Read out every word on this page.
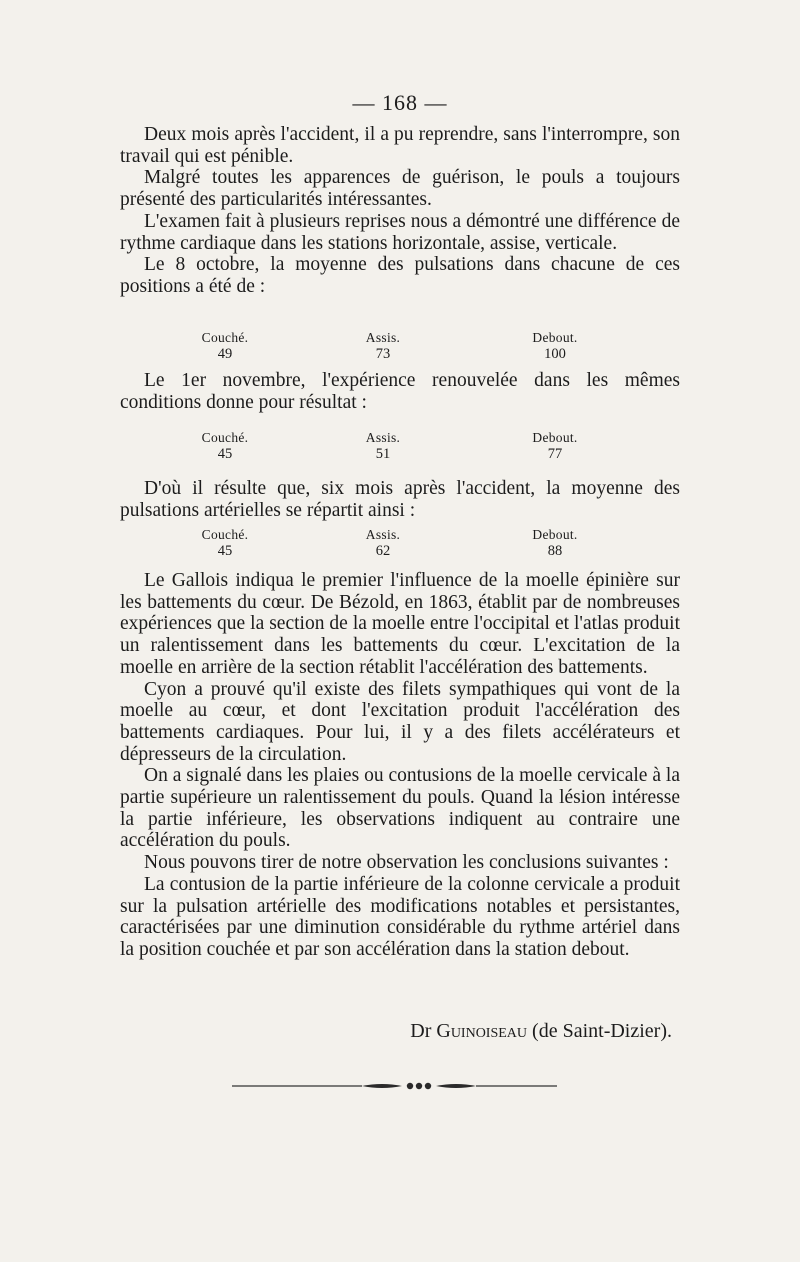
— 168 —

Deux mois après l'accident, il a pu reprendre, sans l'interrompre, son travail qui est pénible.

Malgré toutes les apparences de guérison, le pouls a toujours présenté des particularités intéressantes.

L'examen fait à plusieurs reprises nous a démontré une différence de rythme cardiaque dans les stations horizontale, assise, verticale.

Le 8 octobre, la moyenne des pulsations dans chacune de ces positions a été de :

Couché.
49
Assis.
73
Debout.
100

Le 1er novembre, l'expérience renouvelée dans les mêmes conditions donne pour résultat :

Couché.
45
Assis.
51
Debout.
77

D'où il résulte que, six mois après l'accident, la moyenne des pulsations artérielles se répartit ainsi :

Couché.
45
Assis.
62
Debout.
88

Le Gallois indiqua le premier l'influence de la moelle épinière sur les battements du cœur. De Bézold, en 1863, établit par de nombreuses expériences que la section de la moelle entre l'occipital et l'atlas produit un ralentissement dans les battements du cœur. L'excitation de la moelle en arrière de la section rétablit l'accélération des battements.

Cyon a prouvé qu'il existe des filets sympathiques qui vont de la moelle au cœur, et dont l'excitation produit l'accélération des battements cardiaques. Pour lui, il y a des filets accélérateurs et dépresseurs de la circulation.

On a signalé dans les plaies ou contusions de la moelle cervicale à la partie supérieure un ralentissement du pouls. Quand la lésion intéresse la partie inférieure, les observations indiquent au contraire une accélération du pouls.

Nous pouvons tirer de notre observation les conclusions suivantes :

La contusion de la partie inférieure de la colonne cervicale a produit sur la pulsation artérielle des modifications notables et persistantes, caractérisées par une diminution considérable du rythme artériel dans la position couchée et par son accélération dans la station debout.

Dr Guinoiseau (de Saint-Dizier).
